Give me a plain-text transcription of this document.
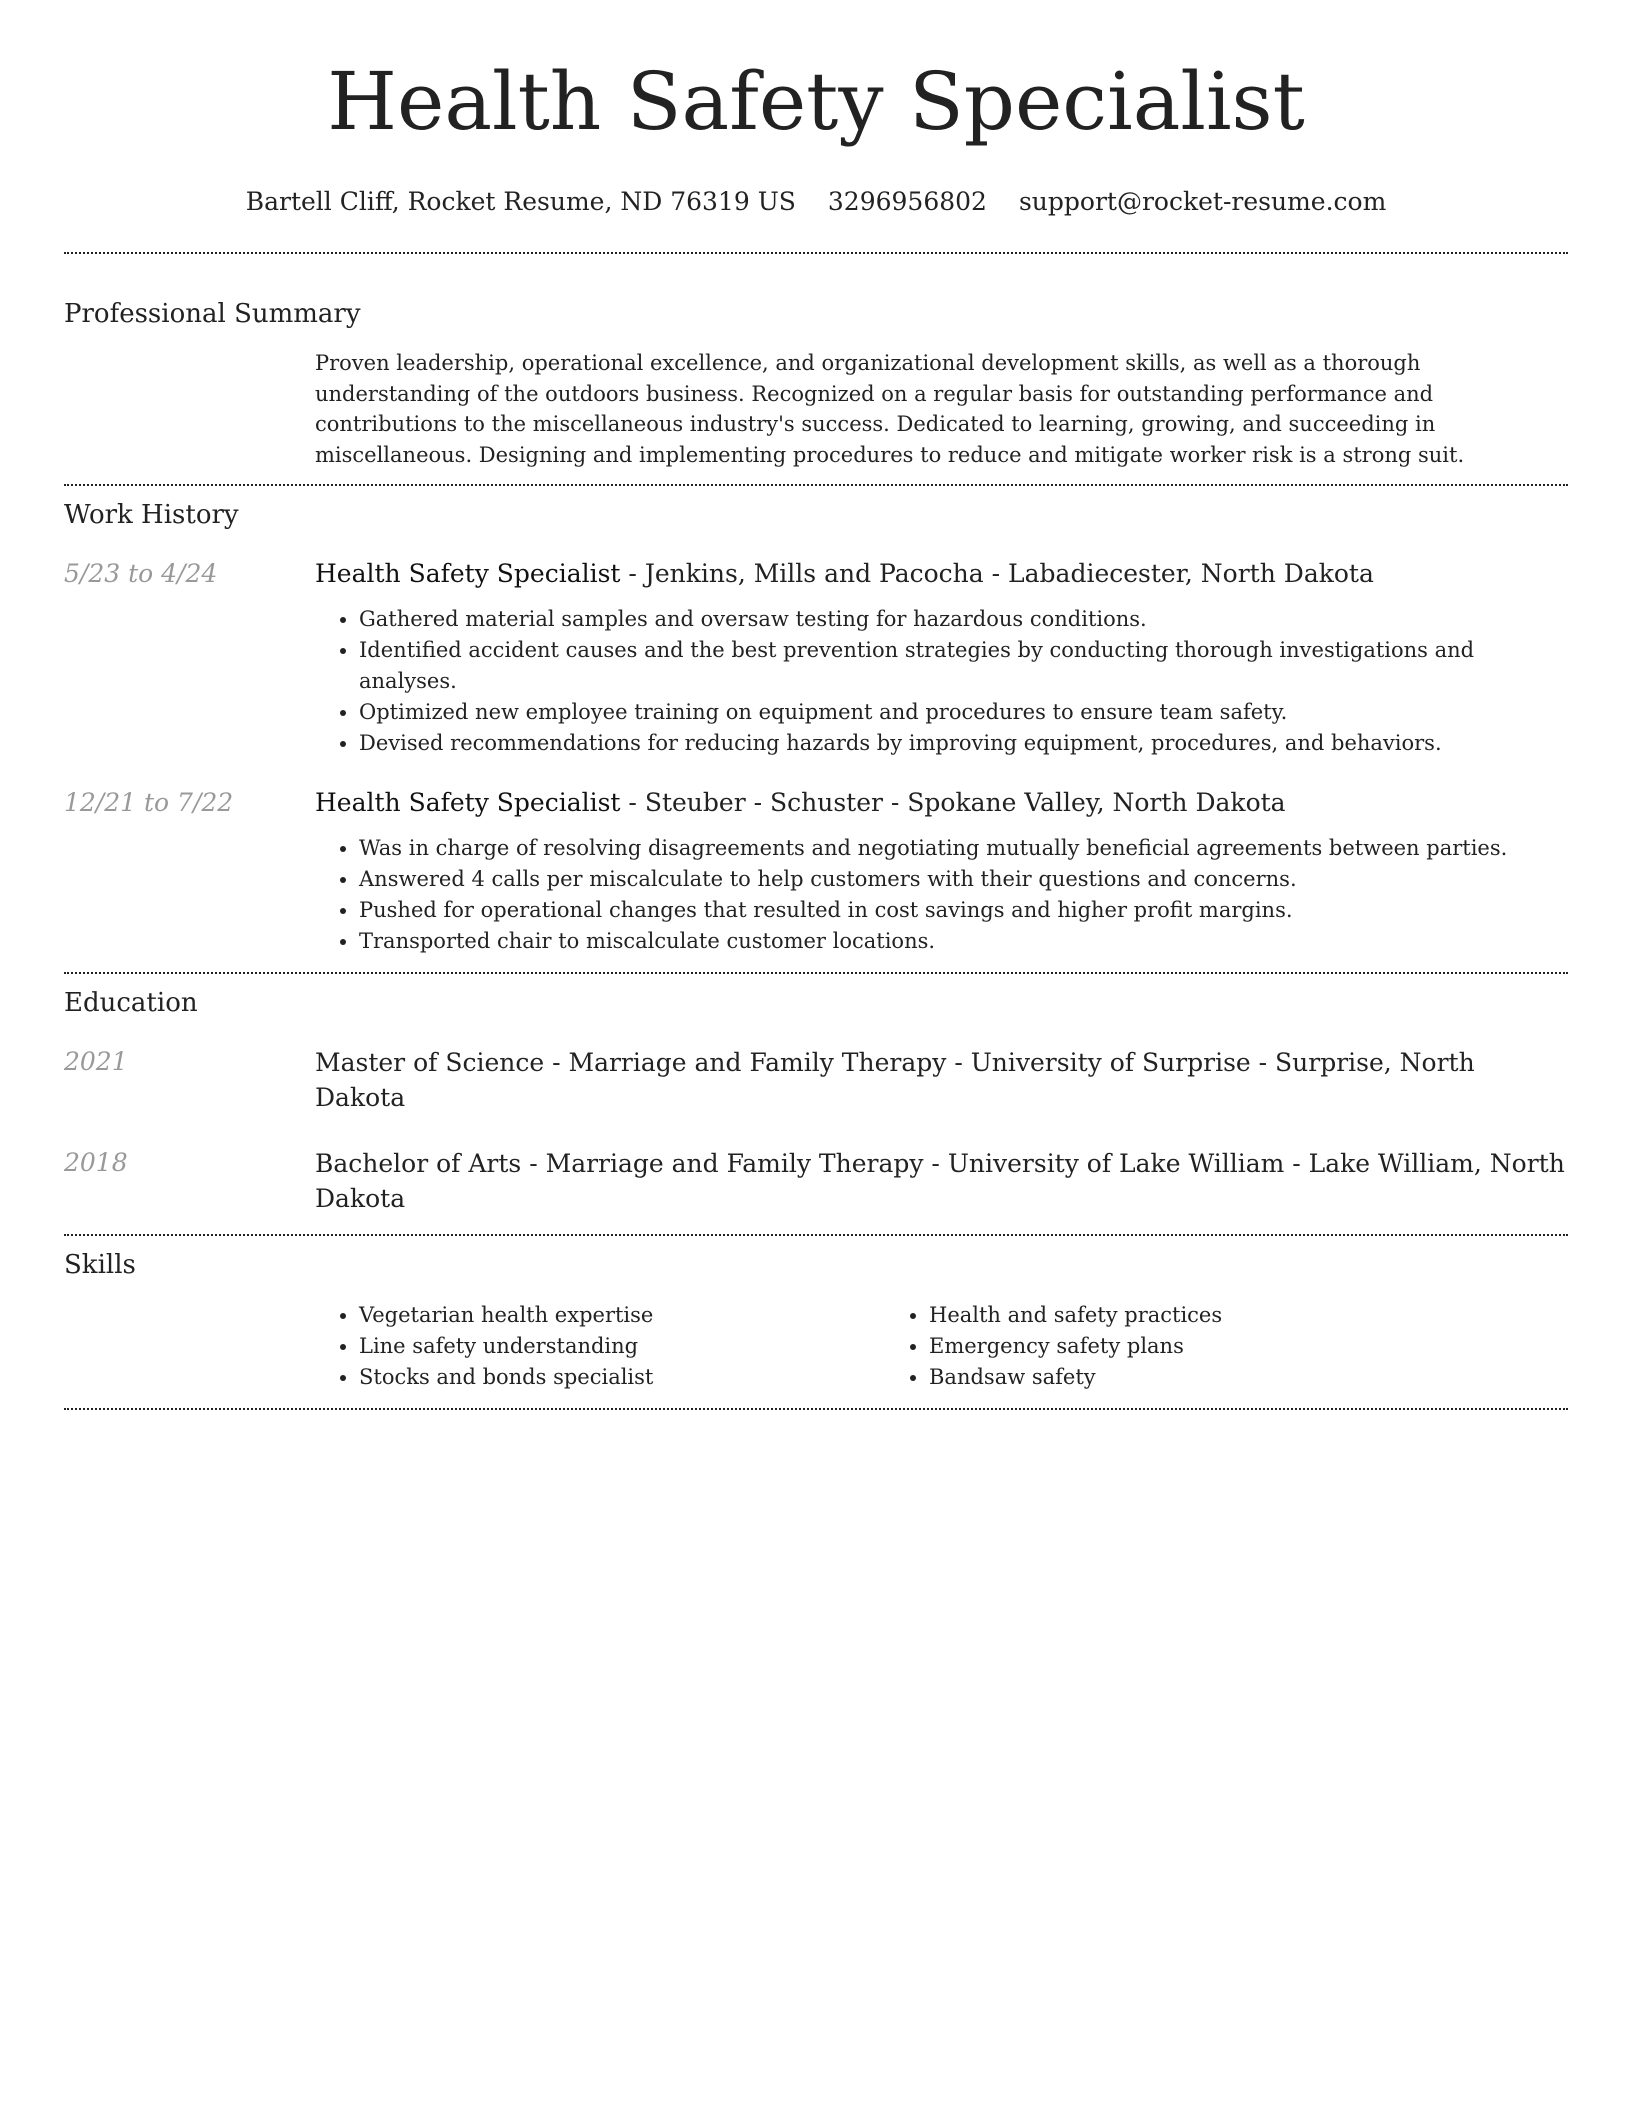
Health Safety Specialist
Bartell Cliff, Rocket Resume, ND 76319 US 3296956802 support@rocket-resume.com
Professional Summary

Proven leadership, operational excellence, and organizational development skills, as well as a thorough understanding of the outdoors business. Recognized on a regular basis for outstanding performance and contributions to the miscellaneous industry's success. Dedicated to learning, growing, and succeeding in miscellaneous. Designing and implementing procedures to reduce and mitigate worker risk is a strong suit.

Work History
5/23 to 4/24	Health Safety Specialist - Jenkins, Mills and Pacocha - Labadiecester, North Dakota

• Gathered material samples and oversaw testing for hazardous conditions.
• Identified accident causes and the best prevention strategies by conducting thorough investigations and analyses.
• Optimized new employee training on equipment and procedures to ensure team safety.
• Devised recommendations for reducing hazards by improving equipment, procedures, and behaviors.
12/21 to 7/22	Health Safety Specialist - Steuber - Schuster - Spokane Valley, North Dakota

• Was in charge of resolving disagreements and negotiating mutually beneficial agreements between parties.
• Answered 4 calls per miscalculate to help customers with their questions and concerns.
• Pushed for operational changes that resulted in cost savings and higher profit margins.
• Transported chair to miscalculate customer locations.
Education
2021	Master of Science - Marriage and Family Therapy - University of Surprise - Surprise, North Dakota

2018	Bachelor of Arts - Marriage and Family Therapy - University of Lake William - Lake William, North Dakota

Skills
• Vegetarian health expertise
• Line safety understanding
• Stocks and bonds specialist
• Health and safety practices
• Emergency safety plans
• Bandsaw safety
